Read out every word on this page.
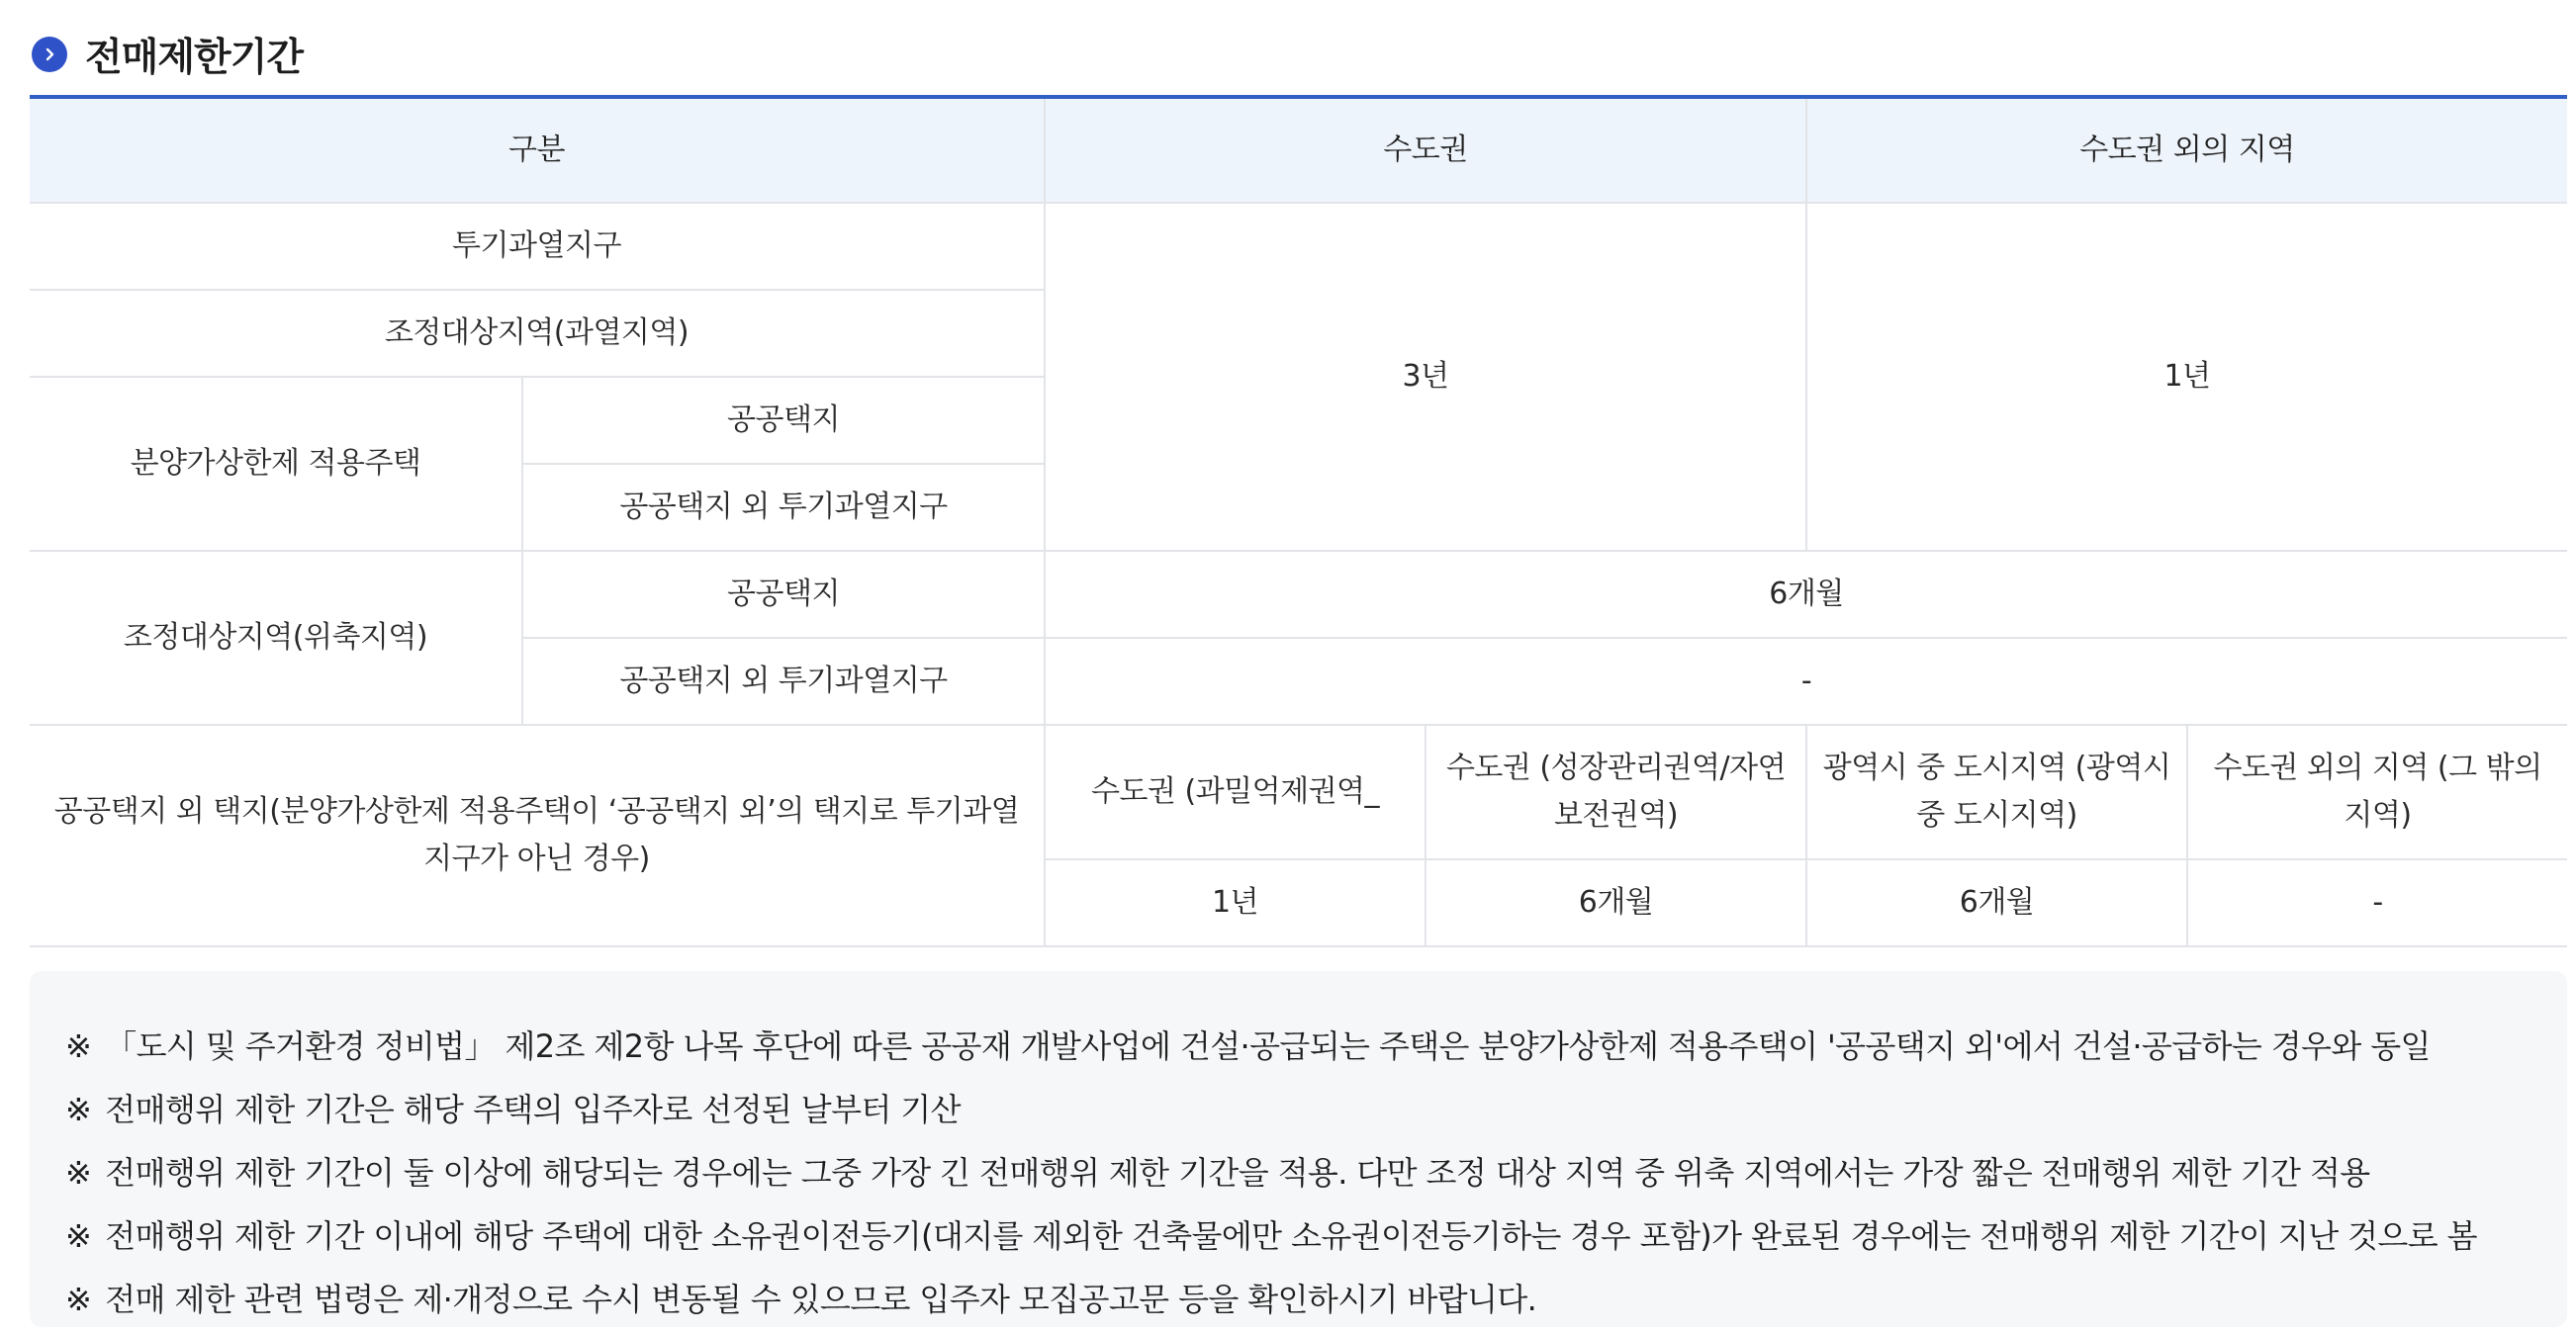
전매제한기간
구분		수도권		수도권 외의 지역	
투기과열지구		3년		1년	
조정대상지역(과열지역)					
분양가상한제 적용주택	공공택지				
	공공택지 외 투기과열지구				
조정대상지역(위축지역)	공공택지	6개월			
	공공택지 외 투기과열지구	-			
공공택지 외 택지(분양가상한제 적용주택이 ‘공공택지 외’의 택지로 투기과열지구가 아닌 경우)		수도권 (과밀억제권역_	수도권 (성장관리권역/자연보전권역)	광역시 중 도시지역 (광역시 중 도시지역)	수도권 외의 지역 (그 밖의 지역)
		1년	6개월	6개월	-
※ 「도시 및 주거환경 정비법」 제2조 제2항 나목 후단에 따른 공공재 개발사업에 건설·공급되는 주택은 분양가상한제 적용주택이 '공공택지 외'에서 건설·공급하는 경우와 동일
※ 전매행위 제한 기간은 해당 주택의 입주자로 선정된 날부터 기산
※ 전매행위 제한 기간이 둘 이상에 해당되는 경우에는 그중 가장 긴 전매행위 제한 기간을 적용. 다만 조정 대상 지역 중 위축 지역에서는 가장 짧은 전매행위 제한 기간 적용
※ 전매행위 제한 기간 이내에 해당 주택에 대한 소유권이전등기(대지를 제외한 건축물에만 소유권이전등기하는 경우 포함)가 완료된 경우에는 전매행위 제한 기간이 지난 것으로 봄
※ 전매 제한 관련 법령은 제·개정으로 수시 변동될 수 있으므로 입주자 모집공고문 등을 확인하시기 바랍니다.
